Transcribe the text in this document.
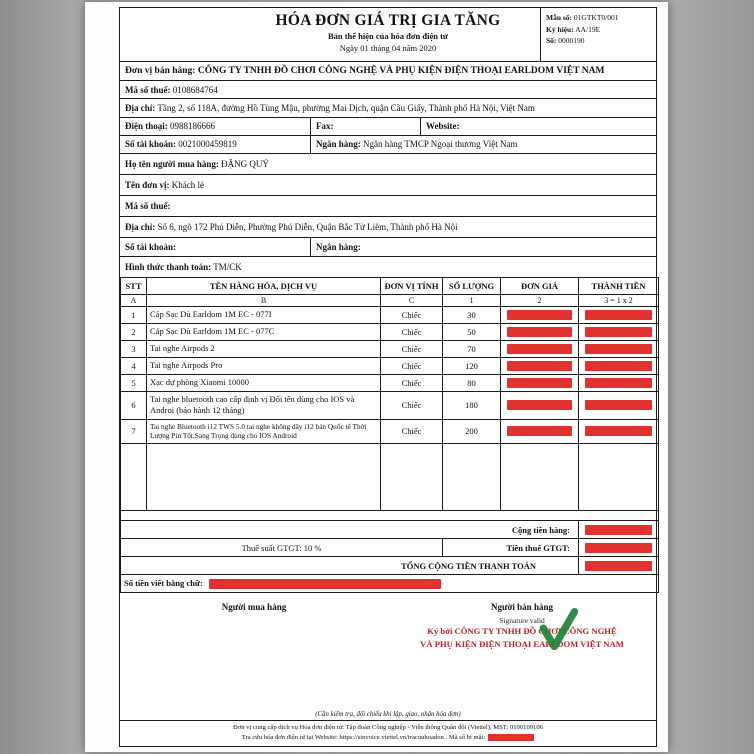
HÓA ĐƠN GIÁ TRỊ GIA TĂNG
Bản thể hiện của hóa đơn điện tử
Ngày 01 tháng 04 năm 2020
Mẫu số: 01GTKT0/001
Ký hiệu: AA/19E
Số: 0000190
Đơn vị bán hàng: CÔNG TY TNHH ĐỒ CHƠI CÔNG NGHỆ VÀ PHỤ KIỆN ĐIỆN THOẠI EARLDOM VIỆT NAM
Mã số thuế: 0108684764
Địa chỉ: Tầng 2, số 118A, đường Hồ Tùng Mậu, phường Mai Dịch, quận Cầu Giấy, Thành phố Hà Nội, Việt Nam
Điện thoại: 0988186666	Fax:	Website:
Số tài khoản: 0021000459819	Ngân hàng: Ngân hàng TMCP Ngoại thương Việt Nam
Họ tên người mua hàng: ĐẶNG QUÝ
Tên đơn vị: Khách lẻ
Mã số thuế:
Địa chỉ: Số 6, ngõ 172 Phú Diễn, Phường Phú Diễn, Quận Bắc Từ Liêm, Thành phố Hà Nội
Số tài khoản:	Ngân hàng:
Hình thức thanh toán: TM/CK
STT	TÊN HÀNG HÓA, DỊCH VỤ	ĐƠN VỊ TÍNH	SỐ LƯỢNG	ĐƠN GIÁ	THÀNH TIỀN
A	B	C	1	2	3 = 1 x 2
1	Cáp Sạc Dù Earldom 1M EC - 077I	Chiếc	30	

2	Cáp Sạc Dù Earldom 1M EC - 077C	Chiếc	50	

3	Tai nghe Airpods 2	Chiếc	70	

4	Tai nghe Airpods Pro	Chiếc	120	

5	Xạc dự phòng Xiaomi 10000	Chiếc	80	

6	Tai nghe bluetooth cao cấp định vị Đổi tên dùng cho IOS và Androi (bảo hành 12 tháng)	Chiếc	180	

7	Tai nghe Bluetooth i12 TWS 5.0 tai nghe không dây i12 bản Quốc tế Thời Lượng Pin Tốt,Sang Trọng dùng cho IOS Android	Chiếc	200	

Cộng tiền hàng:					

Thuế suất GTGT: 10 %			Tiền thuế GTGT:		

TỔNG CỘNG TIỀN THANH TOÁN					

Số tiền viết bằng chữ:					
Người mua hàng	Người bán hàng
Signature valid
Ký bởi CÔNG TY TNHH ĐỒ CHƠI CÔNG NGHỆ
VÀ PHỤ KIỆN ĐIỆN THOẠI EARLDOM VIỆT NAM
(Cần kiểm tra, đối chiếu khi lập, giao, nhận hóa đơn)
Đơn vị cung cấp dịch vụ Hóa đơn điện tử: Tập đoàn Công nghiệp - Viễn thông Quân đội (Viettel), MST: 0100109106
Tra cứu hóa đơn điện tử tại Website: https://sinvoice.viettel.vn/tracuuhoadon . Mã số bí mật:
